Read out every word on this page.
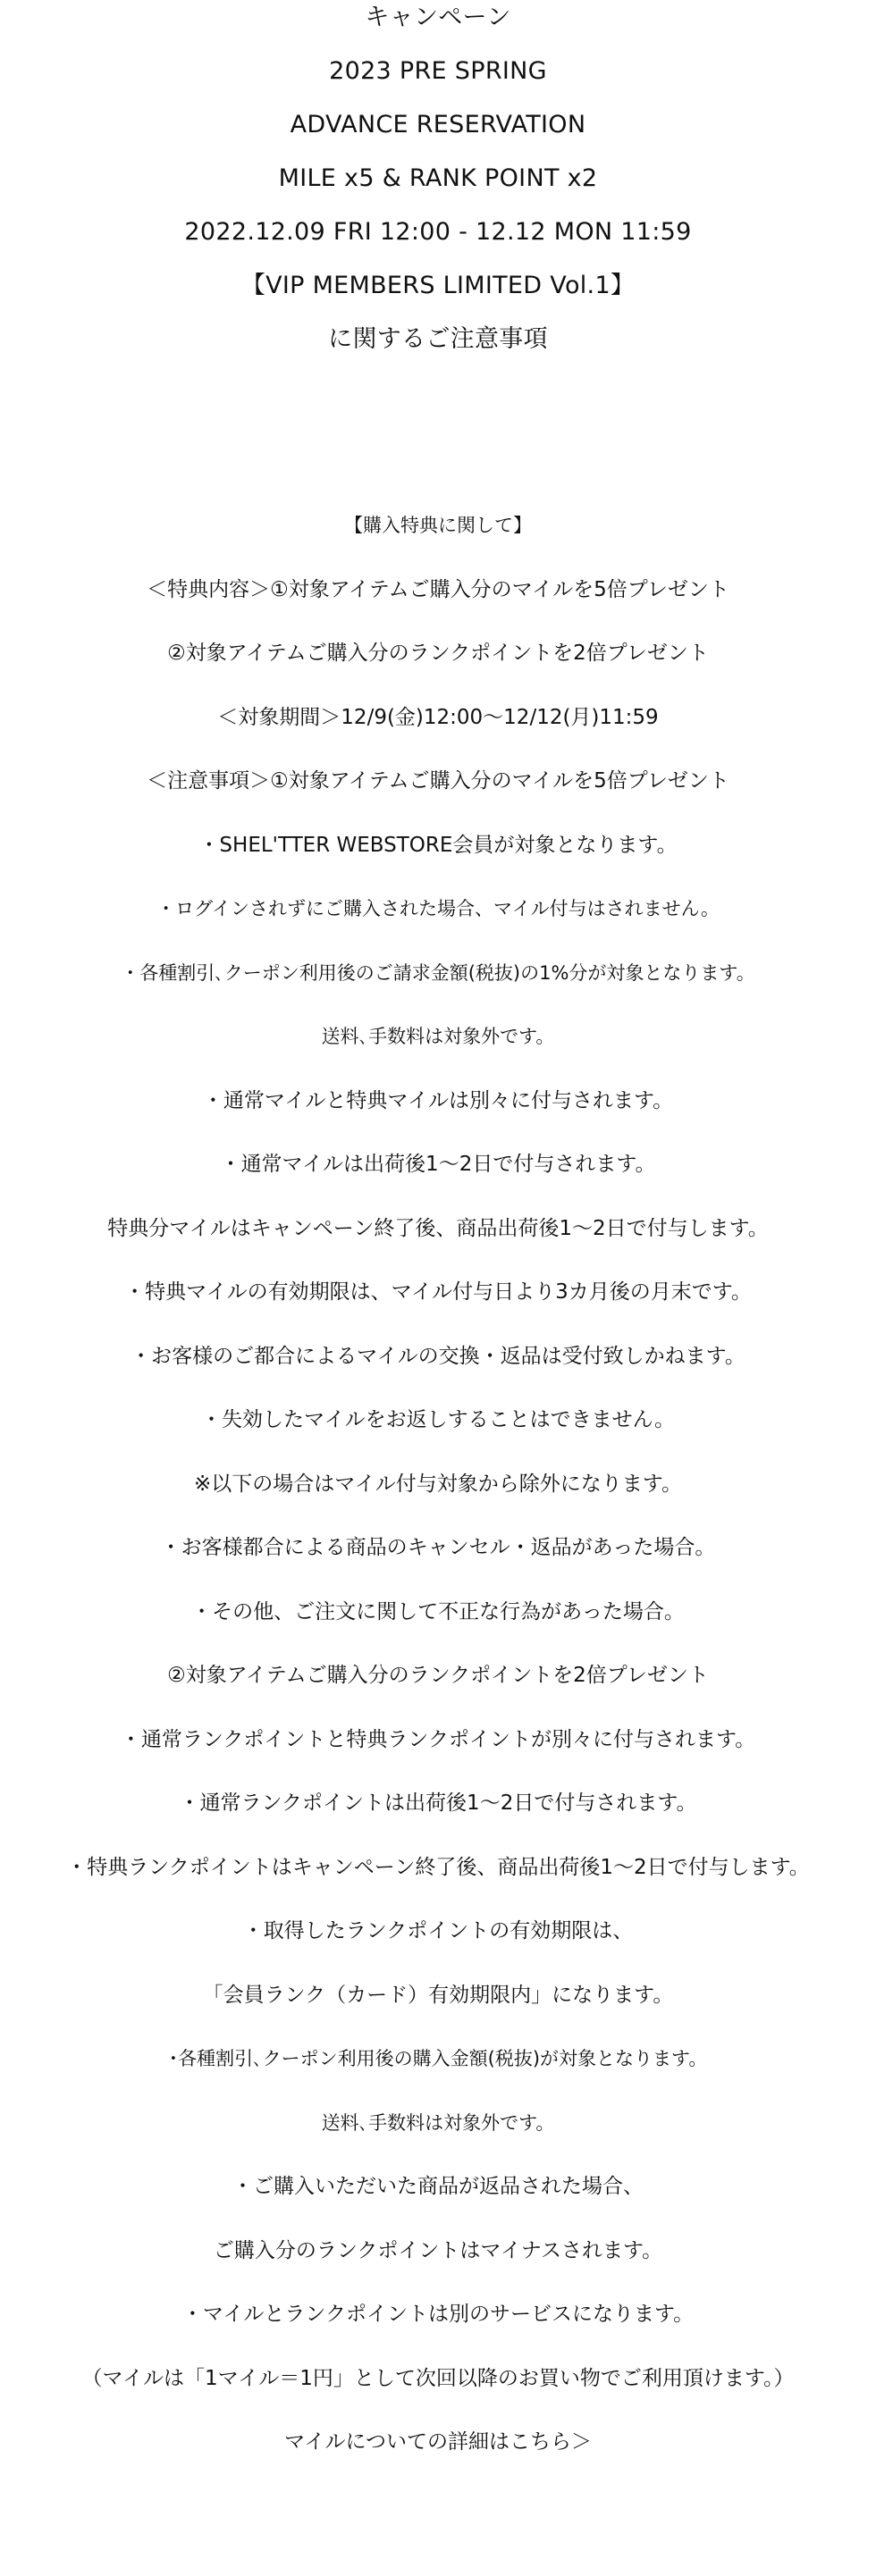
キャンペーン
2023 PRE SPRING
ADVANCE RESERVATION
MILE x5 & RANK POINT x2
2022.12.09 FRI 12:00 - 12.12 MON 11:59
【VIP MEMBERS LIMITED Vol.1】
に関するご注意事項
【購入特典に関して】
＜特典内容＞①対象アイテムご購入分のマイルを5倍プレゼント
②対象アイテムご購入分のランクポイントを2倍プレゼント
＜対象期間＞12/9(金)12:00〜12/12(月)11:59
＜注意事項＞①対象アイテムご購入分のマイルを5倍プレゼント
・SHEL'TTER WEBSTORE会員が対象となります。
・ログインされずにご購入された場合、マイル付与はされません。
・各種割引､クーポン利用後のご請求金額(税抜)の1%分が対象となります。
送料､手数料は対象外です。
・通常マイルと特典マイルは別々に付与されます。
・通常マイルは出荷後1〜2日で付与されます。
特典分マイルはキャンペーン終了後、商品出荷後1〜2日で付与します。
・特典マイルの有効期限は、マイル付与日より3カ月後の月末です。
・お客様のご都合によるマイルの交換・返品は受付致しかねます。
・失効したマイルをお返しすることはできません。
※以下の場合はマイル付与対象から除外になります。
・お客様都合による商品のキャンセル・返品があった場合。
・その他、ご注文に関して不正な行為があった場合。
②対象アイテムご購入分のランクポイントを2倍プレゼント
・通常ランクポイントと特典ランクポイントが別々に付与されます。
・通常ランクポイントは出荷後1〜2日で付与されます。
・特典ランクポイントはキャンペーン終了後、商品出荷後1〜2日で付与します。
・取得したランクポイントの有効期限は、
「会員ランク（カード）有効期限内」になります。
･各種割引､クーポン利用後の購入金額(税抜)が対象となります。
送料､手数料は対象外です。
・ご購入いただいた商品が返品された場合、
ご購入分のランクポイントはマイナスされます。
・マイルとランクポイントは別のサービスになります。
（マイルは「1マイル＝1円」として次回以降のお買い物でご利用頂けます。）
マイルについての詳細はこちら＞
